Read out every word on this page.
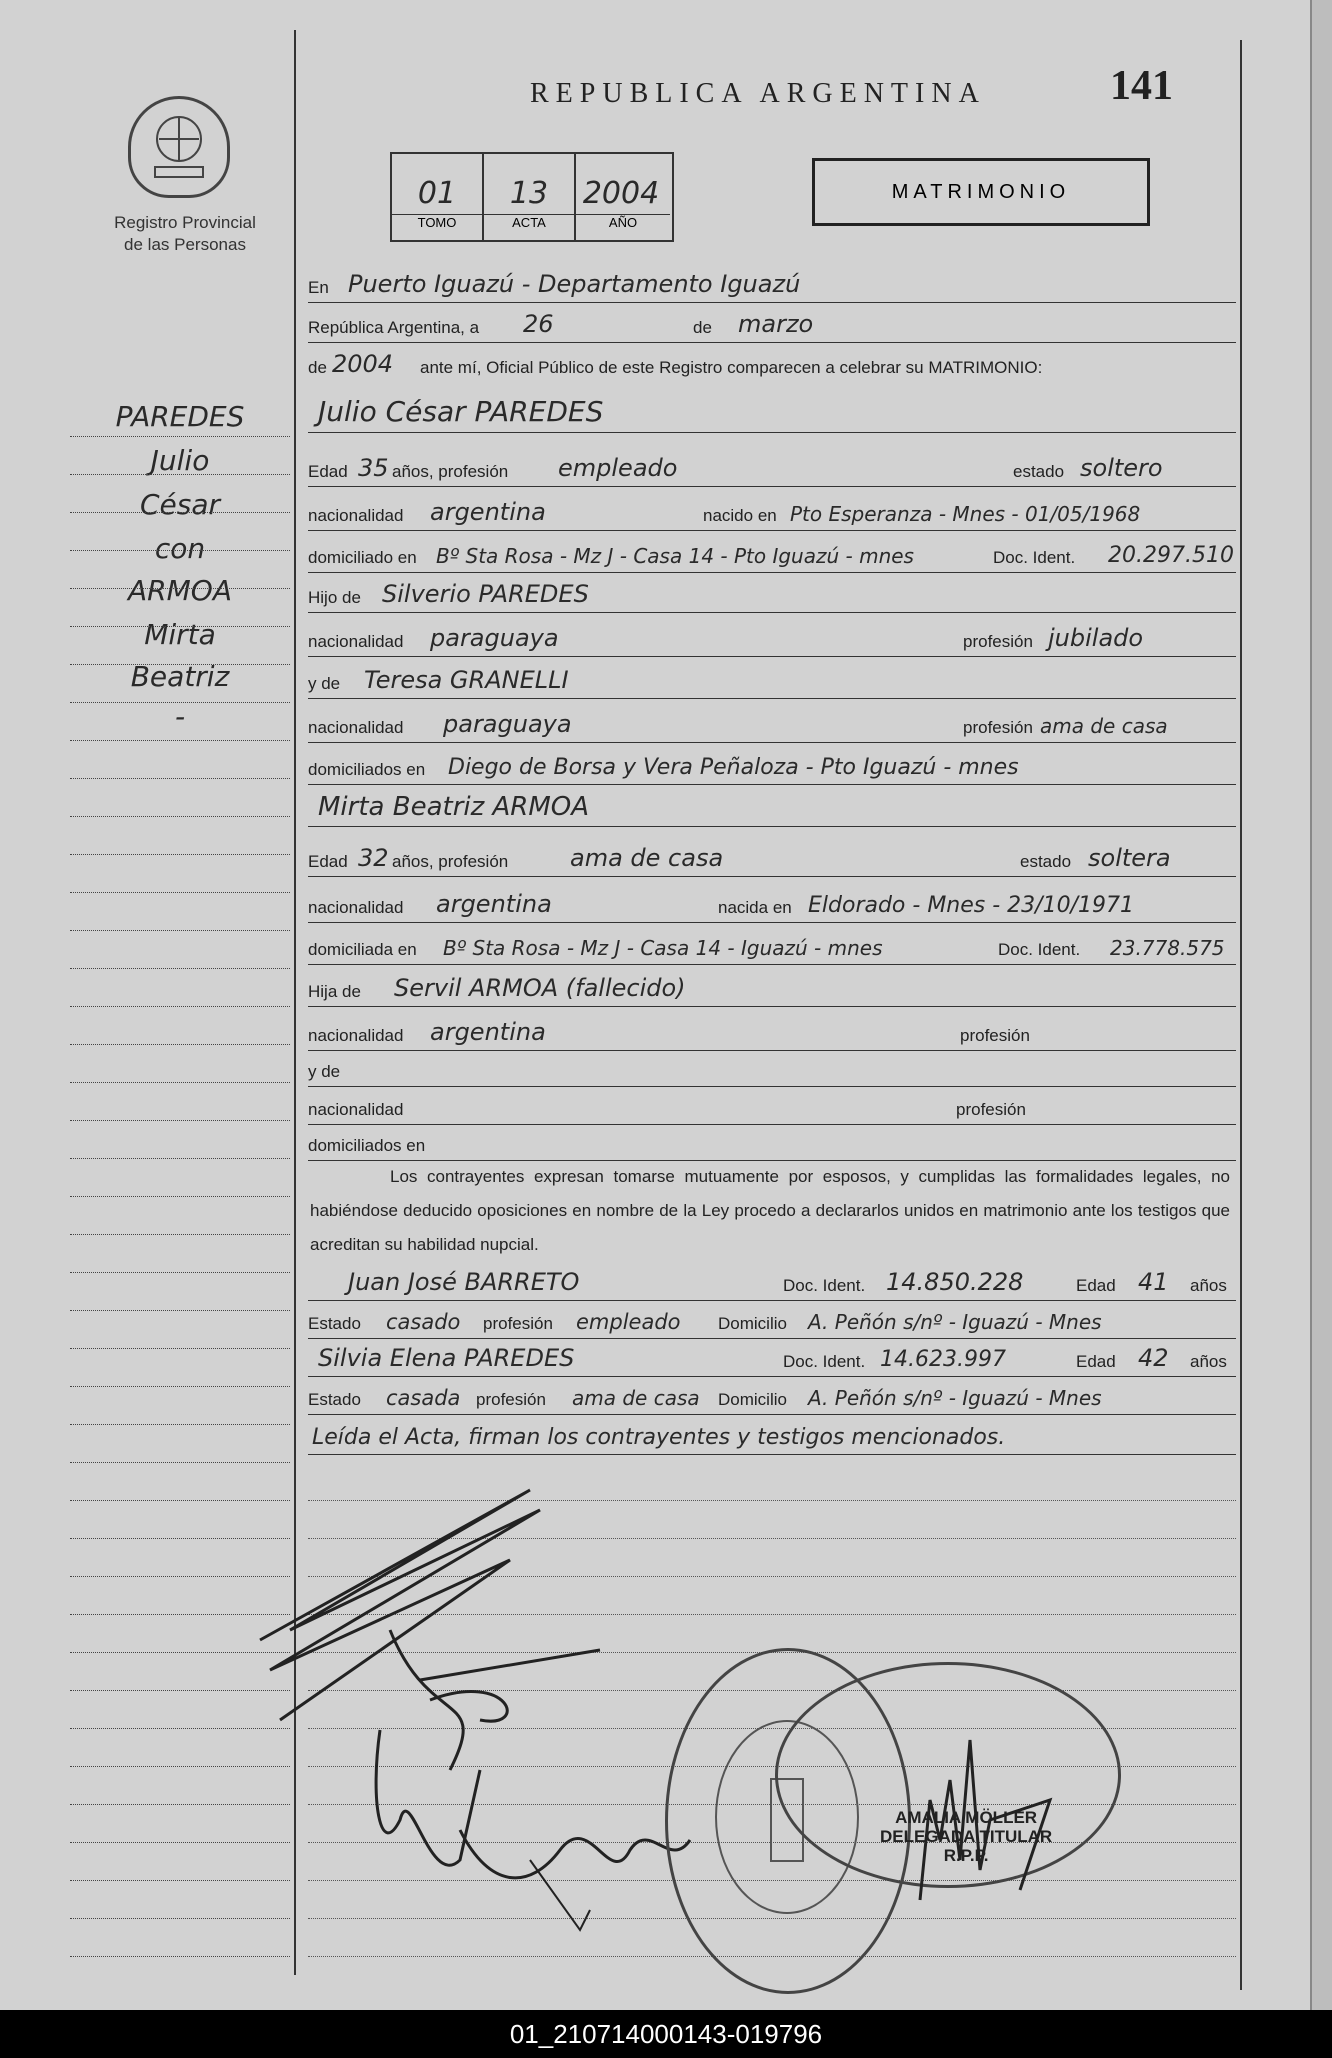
Registro Provincial
de las Personas
REPUBLICA ARGENTINA	141
01	13	2004
TOMO	ACTA	AÑO
MATRIMONIO
PAREDES
Julio
César
con
ARMOA
Mirta
Beatriz
-
En Puerto Iguazú - Departamento Iguazú
República Argentina, a 26	de marzo
de 2004 ante mí, Oficial Público de este Registro comparecen a celebrar su MATRIMONIO:
Julio César PAREDES
Edad 35 años, profesión empleado	estado soltero
nacionalidad argentina	nacido en Pto Esperanza - Mnes - 01/05/1968
domiciliado en Bº Sta Rosa - Mz J - Casa 14 - Pto Iguazú - mnes	Doc. Ident. 20.297.510
Hijo de Silverio PAREDES
nacionalidad paraguaya	profesión jubilado
y de Teresa GRANELLI
nacionalidad paraguaya	profesión ama de casa
domiciliados en Diego de Borsa y Vera Peñaloza - Pto Iguazú - mnes
Mirta Beatriz ARMOA
Edad 32 años, profesión	ama de casa	estado soltera
nacionalidad argentina	nacida en Eldorado - Mnes - 23/10/1971
domiciliada en Bº Sta Rosa - Mz J - Casa 14 - Iguazú - mnes	Doc. Ident. 23.778.575
Hija de Servil ARMOA (fallecido)
nacionalidad argentina	profesión
y de
nacionalidad	profesión
domiciliados en
Los contrayentes expresan tomarse mutuamente por esposos, y cumplidas las formalidades legales, no habiéndose deducido oposiciones en nombre de la Ley procedo a declararlos unidos en matrimonio ante los testigos que acreditan su habilidad nupcial.
Juan José BARRETO	Doc. Ident. 14.850.228	Edad 41 años
Estado casado profesión empleado Domicilio A. Peñón s/nº - Iguazú - Mnes
Silvia Elena PAREDES	Doc. Ident. 14.623.997	Edad 42 años
Estado casada profesión ama de casa Domicilio A. Peñón s/nº - Iguazú - Mnes
Leída el Acta, firman los contrayentes y testigos mencionados.
AMALIA MÖLLER
DELEGADA TITULAR
R.P.P.
01_210714000143-019796
